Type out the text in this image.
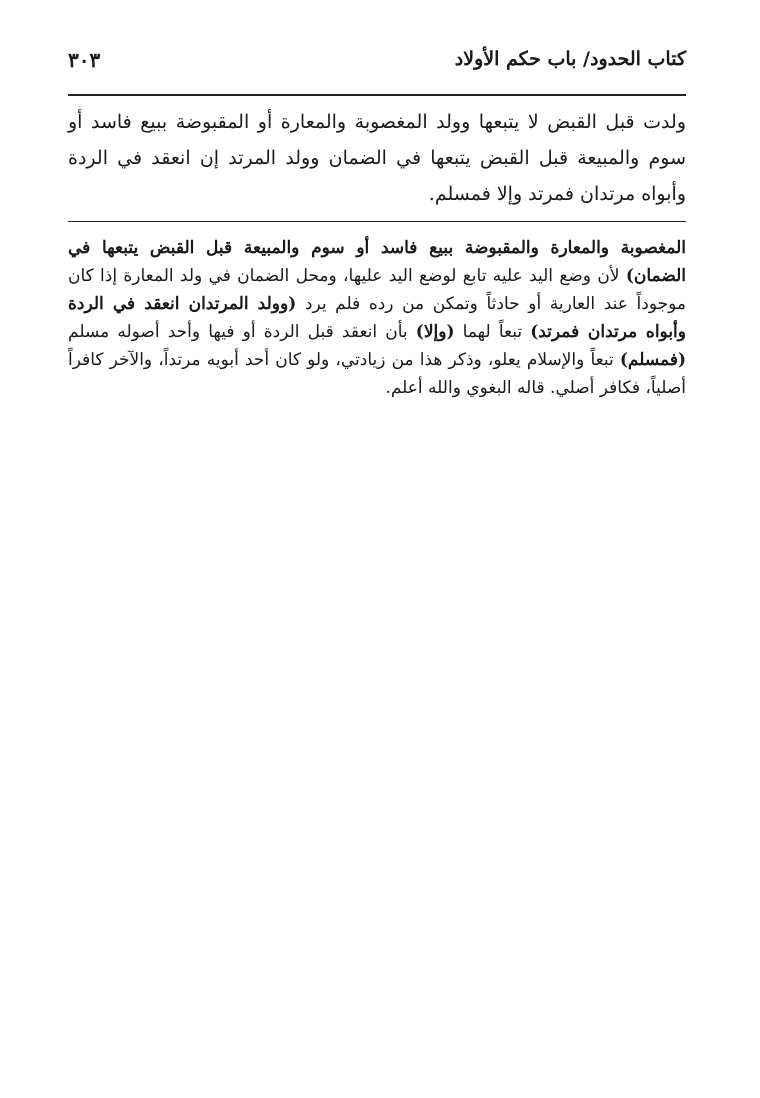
كتاب الحدود/ باب حكم الأولاد
٣٠٣

ولدت قبل القبض لا يتبعها وولد المغصوبة والمعارة أو المقبوضة ببيع فاسد أو سوم والمبيعة قبل القبض يتبعها في الضمان وولد المرتد إن انعقد في الردة وأبواه مرتدان فمرتد وإلا فمسلم.

المغصوبة والمعارة والمقبوضة ببيع فاسد أو سوم والمبيعة قبل القبض يتبعها في الضمان) لأن وضع اليد عليه تابع لوضع اليد عليها، ومحل الضمان في ولد المعارة إذا كان موجوداً عند العارية أو حادثاً وتمكن من رده فلم يرد (وولد المرتدان انعقد في الردة وأبواه مرتدان فمرتد) تبعاً لهما (وإلا) بأن انعقد قبل الردة أو فيها وأحد أصوله مسلم (فمسلم) تبعاً والإسلام يعلو، وذكر هذا من زيادتي، ولو كان أحد أبويه مرتداً، والآخر كافراً أصلياً، فكافر أصلي. قاله البغوي والله أعلم.
